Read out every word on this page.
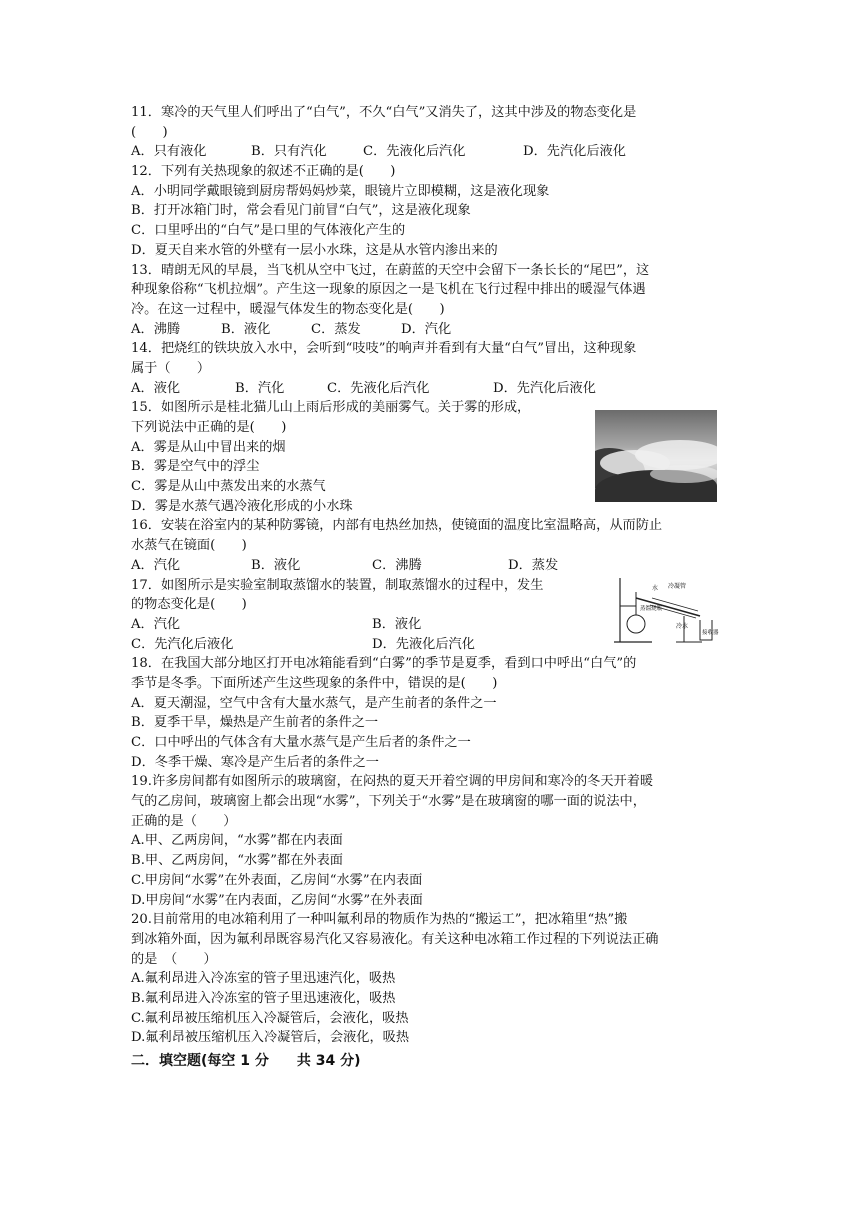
11．寒冷的天气里人们呼出了“白气”，不久“白气”又消失了，这其中涉及的物态变化是
(　　)
A．只有液化	B．只有汽化	C．先液化后汽化	D．先汽化后液化
12．下列有关热现象的叙述不正确的是(　　)
A．小明同学戴眼镜到厨房帮妈妈炒菜，眼镜片立即模糊，这是液化现象
B．打开冰箱门时，常会看见门前冒“白气”，这是液化现象
C．口里呼出的“白气”是口里的气体液化产生的
D．夏天自来水管的外壁有一层小水珠，这是从水管内渗出来的
13．晴朗无风的早晨，当飞机从空中飞过，在蔚蓝的天空中会留下一条长长的“尾巴”，这
种现象俗称“飞机拉烟”。产生这一现象的原因之一是飞机在飞行过程中排出的暖湿气体遇
冷。在这一过程中，暖湿气体发生的物态变化是(　　)
A．沸腾	B．液化	C．蒸发	D．汽化
14．把烧红的铁块放入水中，会听到“吱吱”的响声并看到有大量“白气”冒出，这种现象
属于（　　）
A．液化	B．汽化	C．先液化后汽化	D．先汽化后液化
15．如图所示是桂北猫儿山上雨后形成的美丽雾气。关于雾的形成，
下列说法中正确的是(　　)
A．雾是从山中冒出来的烟
B．雾是空气中的浮尘
C．雾是从山中蒸发出来的水蒸气
D．雾是水蒸气遇冷液化形成的小水珠
16．安装在浴室内的某种防雾镜，内部有电热丝加热，使镜面的温度比室温略高，从而防止
水蒸气在镜面(　　)
A．汽化	B．液化	C．沸腾	D．蒸发
17．如图所示是实验室制取蒸馏水的装置，制取蒸馏水的过程中，发生
的物态变化是(　　)
A．汽化	B．液化
C．先汽化后液化	D．先液化后汽化
18．在我国大部分地区打开电冰箱能看到“白雾”的季节是夏季，看到口中呼出“白气”的
季节是冬季。下面所述产生这些现象的条件中，错误的是(　　)
A．夏天潮湿，空气中含有大量水蒸气，是产生前者的条件之一
B．夏季干旱，燥热是产生前者的条件之一
C．口中呼出的气体含有大量水蒸气是产生后者的条件之一
D．冬季干燥、寒冷是产生后者的条件之一
19.许多房间都有如图所示的玻璃窗，在闷热的夏天开着空调的甲房间和寒冷的冬天开着暖
气的乙房间，玻璃窗上都会出现“水雾”，下列关于“水雾”是在玻璃窗的哪一面的说法中，
正确的是（　　）
A.甲、乙两房间，“水雾”都在内表面
B.甲、乙两房间，“水雾”都在外表面
C.甲房间“水雾”在外表面，乙房间“水雾”在内表面
D.甲房间“水雾”在内表面，乙房间“水雾”在外表面
20.目前常用的电冰箱利用了一种叫氟利昂的物质作为热的“搬运工”，把冰箱里“热”搬
到冰箱外面，因为氟利昂既容易汽化又容易液化。有关这种电冰箱工作过程的下列说法正确
的是　（　　）
A.氟利昂进入冷冻室的管子里迅速汽化，吸热
B.氟利昂进入冷冻室的管子里迅速液化，吸热
C.氟利昂被压缩机压入冷凝管后，会液化，吸热
D.氟利昂被压缩机压入冷凝管后，会液化，吸热
二．填空题(每空 1 分　　共 34 分)
水 冷凝管
蒸馏烧瓶
冷水
接收器
